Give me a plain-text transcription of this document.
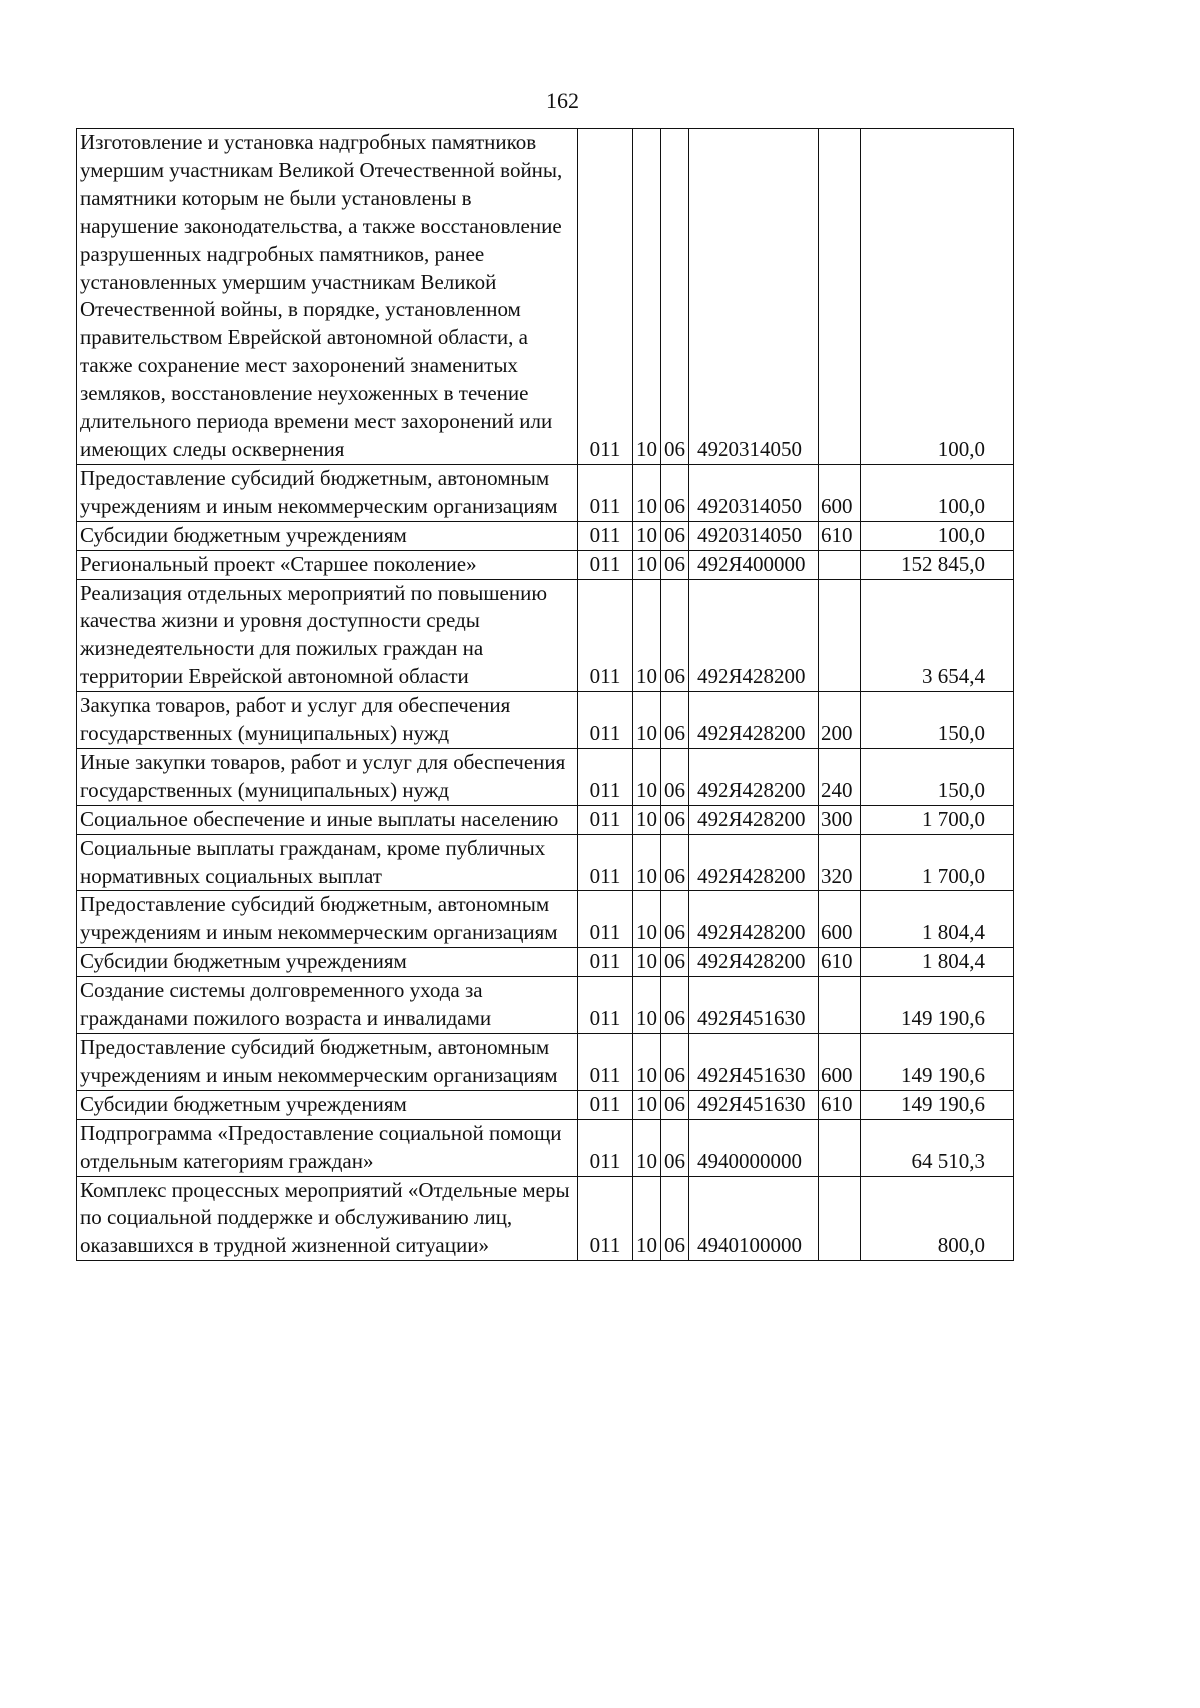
162
Изготовление и установка надгробных памятников умершим участникам Великой Отечественной войны, памятники которым не были установлены в нарушение законодательства, а также восстановление разрушенных надгробных памятников, ранее установленных умершим участникам Великой Отечественной войны, в порядке, установленном правительством Еврейской автономной области, а также сохранение мест захоронений знаменитых земляков, восстановление неухоженных в течение длительного периода времени мест захоронений или имеющих следы осквернения	011	10	06	4920314050		100,0
Предоставление субсидий бюджетным, автономным учреждениям и иным некоммерческим организациям	011	10	06	4920314050	600	100,0
Субсидии бюджетным учреждениям	011	10	06	4920314050	610	100,0
Региональный проект «Старшее поколение»	011	10	06	492Я400000		152 845,0
Реализация отдельных мероприятий по повышению качества жизни и уровня доступности среды жизнедеятельности для пожилых граждан на территории Еврейской автономной области	011	10	06	492Я428200		3 654,4
Закупка товаров, работ и услуг для обеспечения государственных (муниципальных) нужд	011	10	06	492Я428200	200	150,0
Иные закупки товаров, работ и услуг для обеспечения государственных (муниципальных) нужд	011	10	06	492Я428200	240	150,0
Социальное обеспечение и иные выплаты населению	011	10	06	492Я428200	300	1 700,0
Социальные выплаты гражданам, кроме публичных нормативных социальных выплат	011	10	06	492Я428200	320	1 700,0
Предоставление субсидий бюджетным, автономным учреждениям и иным некоммерческим организациям	011	10	06	492Я428200	600	1 804,4
Субсидии бюджетным учреждениям	011	10	06	492Я428200	610	1 804,4
Создание системы долговременного ухода за гражданами пожилого возраста и инвалидами	011	10	06	492Я451630		149 190,6
Предоставление субсидий бюджетным, автономным учреждениям и иным некоммерческим организациям	011	10	06	492Я451630	600	149 190,6
Субсидии бюджетным учреждениям	011	10	06	492Я451630	610	149 190,6
Подпрограмма «Предоставление социальной помощи отдельным категориям граждан»	011	10	06	4940000000		64 510,3
Комплекс процессных мероприятий «Отдельные меры по социальной поддержке и обслуживанию лиц, оказавшихся в трудной жизненной ситуации»	011	10	06	4940100000		800,0
